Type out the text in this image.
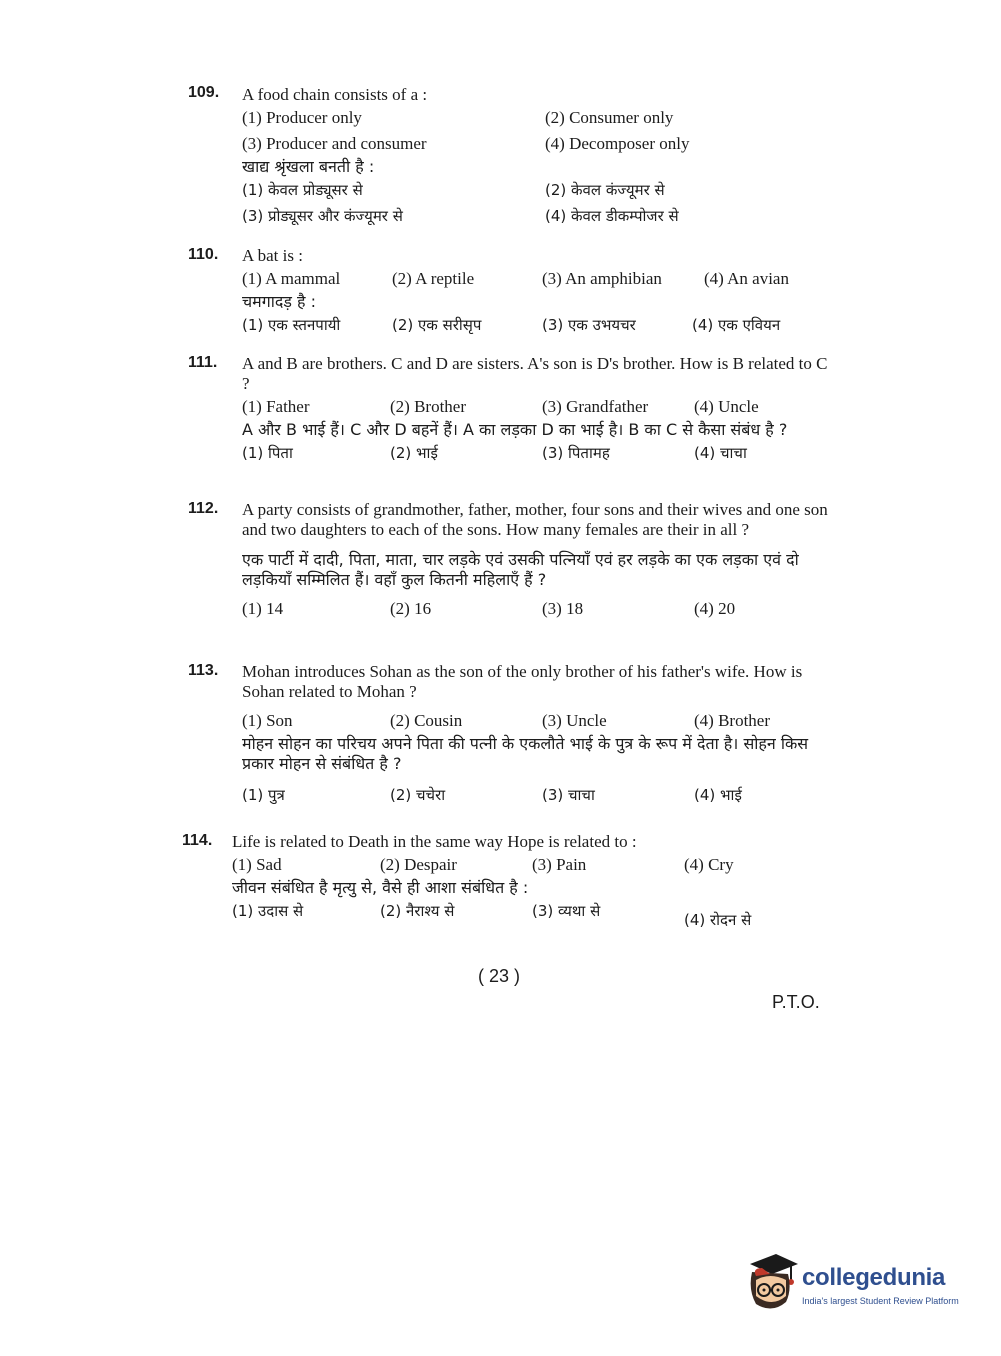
109. A food chain consists of a :
(1) Producer only	(2) Consumer only
(3) Producer and consumer	(4) Decomposer only
खाद्य श्रृंखला बनती है :
(1) केवल प्रोड्यूसर से	(2) केवल कंज्यूमर से
(3) प्रोड्यूसर और कंज्यूमर से	(4) केवल डीकम्पोजर से
110. A bat is :
(1) A mammal	(2) A reptile	(3) An amphibian (4) An avian
चमगादड़ है :
(1) एक स्तनपायी	(2) एक सरीसृप	(3) एक उभयचर	(4) एक एवियन
111. A and B are brothers. C and D are sisters. A's son is D's brother. How is B related to C ?
(1) Father	(2) Brother	(3) Grandfather	(4) Uncle
A और B भाई हैं। C और D बहनें हैं। A का लड़का D का भाई है। B का C से कैसा संबंध है ?
(1) पिता	(2) भाई	(3) पितामह	(4) चाचा
112. A party consists of grandmother, father, mother, four sons and their wives and one son and two daughters to each of the sons. How many females are their in all ?
एक पार्टी में दादी, पिता, माता, चार लड़के एवं उसकी पत्नियाँ एवं हर लड़के का एक लड़का एवं दो लड़कियाँ सम्मिलित हैं। वहाँ कुल कितनी महिलाएँ हैं ?
(1) 14	(2) 16	(3) 18	(4) 20
113. Mohan introduces Sohan as the son of the only brother of his father's wife. How is Sohan related to Mohan ?
(1) Son	(2) Cousin	(3) Uncle	(4) Brother
मोहन सोहन का परिचय अपने पिता की पत्नी के एकलौते भाई के पुत्र के रूप में देता है। सोहन किस प्रकार मोहन से संबंधित है ?
(1) पुत्र	(2) चचेरा	(3) चाचा	(4) भाई
114. Life is related to Death in the same way Hope is related to :
(1) Sad	(2) Despair	(3) Pain	(4) Cry
जीवन संबंधित है मृत्यु से, वैसे ही आशा संबंधित है :
(1) उदास से	(2) नैराश्य से	(3) व्यथा से	(4) रोदन से
( 23 )
P.T.O.
collegedunia
India's largest Student Review Platform
